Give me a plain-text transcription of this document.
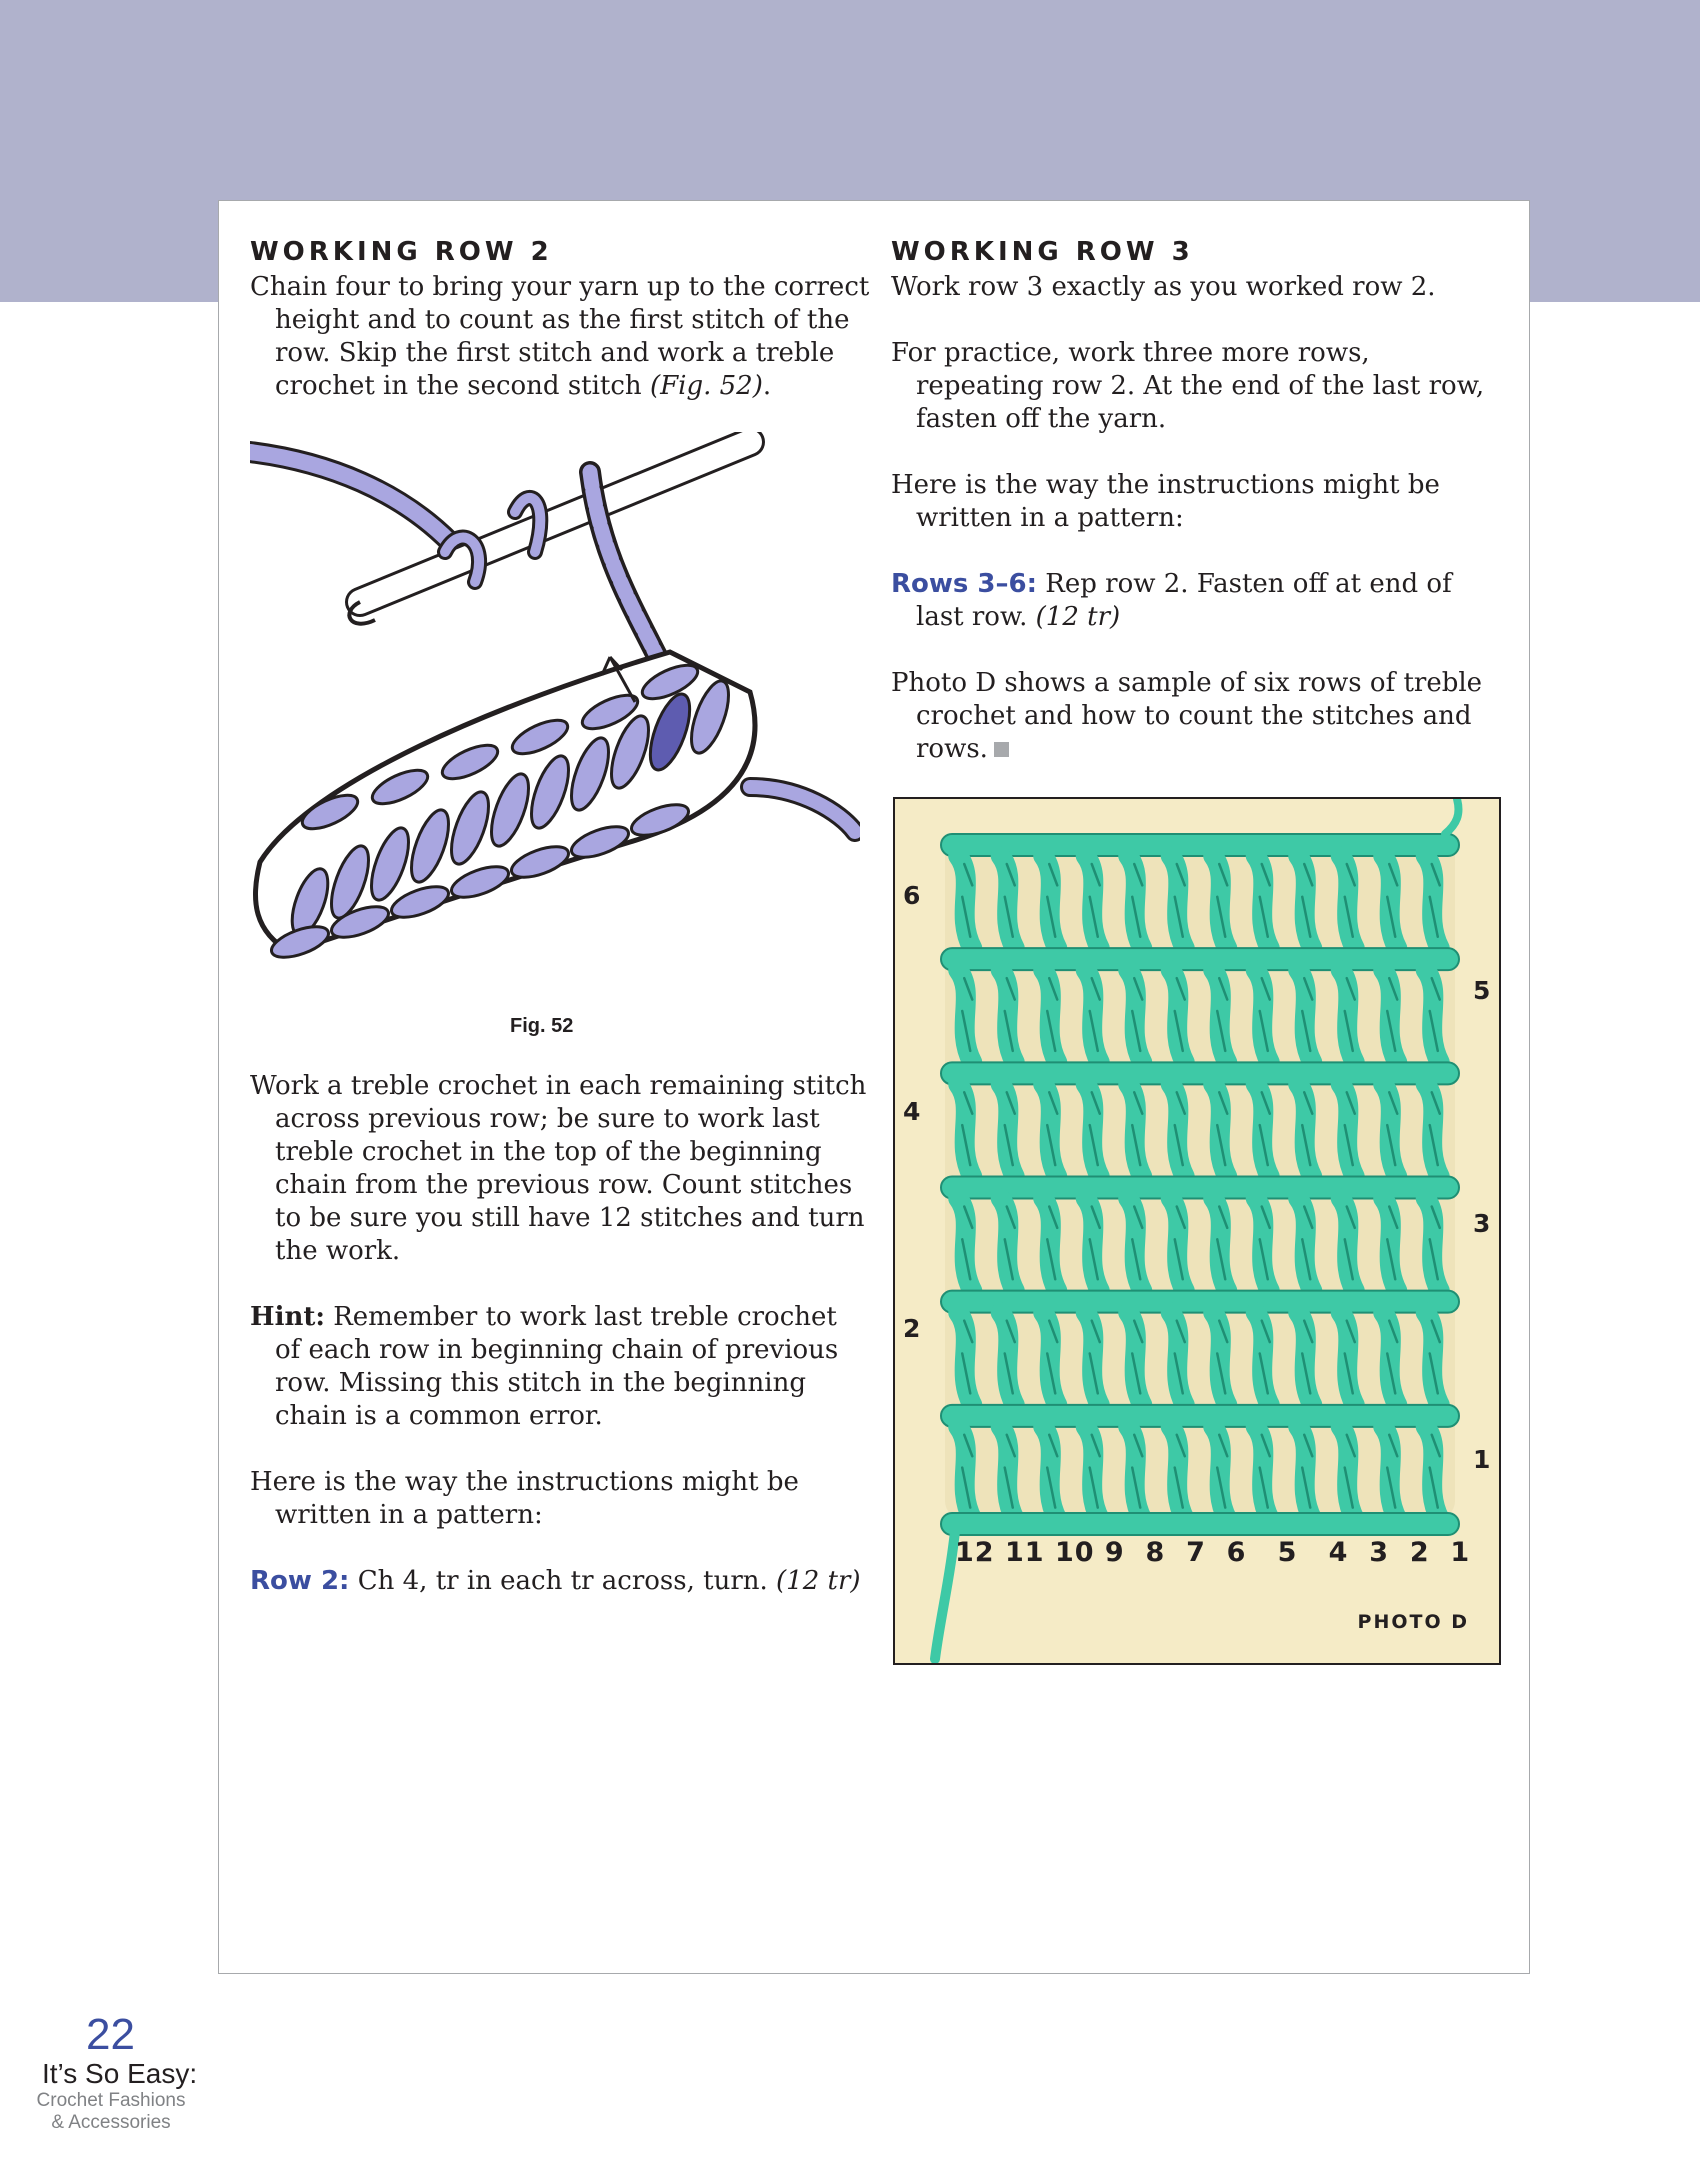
WORKING ROW 2

Chain four to bring your yarn up to the correct height and to count as the first stitch of the row. Skip the first stitch and work a treble crochet in the second stitch (Fig. 52).

Fig. 52

Work a treble crochet in each remaining stitch across previous row; be sure to work last treble crochet in the top of the beginning chain from the previous row. Count stitches to be sure you still have 12 stitches and turn the work.

Hint: Remember to work last treble crochet of each row in beginning chain of previous row. Missing this stitch in the beginning chain is a common error.

Here is the way the instructions might be written in a pattern:

Row 2: Ch 4, tr in each tr across, turn. (12 tr)

WORKING ROW 3

Work row 3 exactly as you worked row 2.

For practice, work three more rows, repeating row 2. At the end of the last row, fasten off the yarn.

Here is the way the instructions might be written in a pattern:

Rows 3–6: Rep row 2. Fasten off at end of last row. (12 tr)

Photo D shows a sample of six rows of treble crochet and how to count the stitches and rows.

6
5
4
3
2
1
12 11 10 9  8  7  6   5   4  3  2  1
PHOTO D
22
It’s So Easy:
Crochet Fashions
& Accessories
